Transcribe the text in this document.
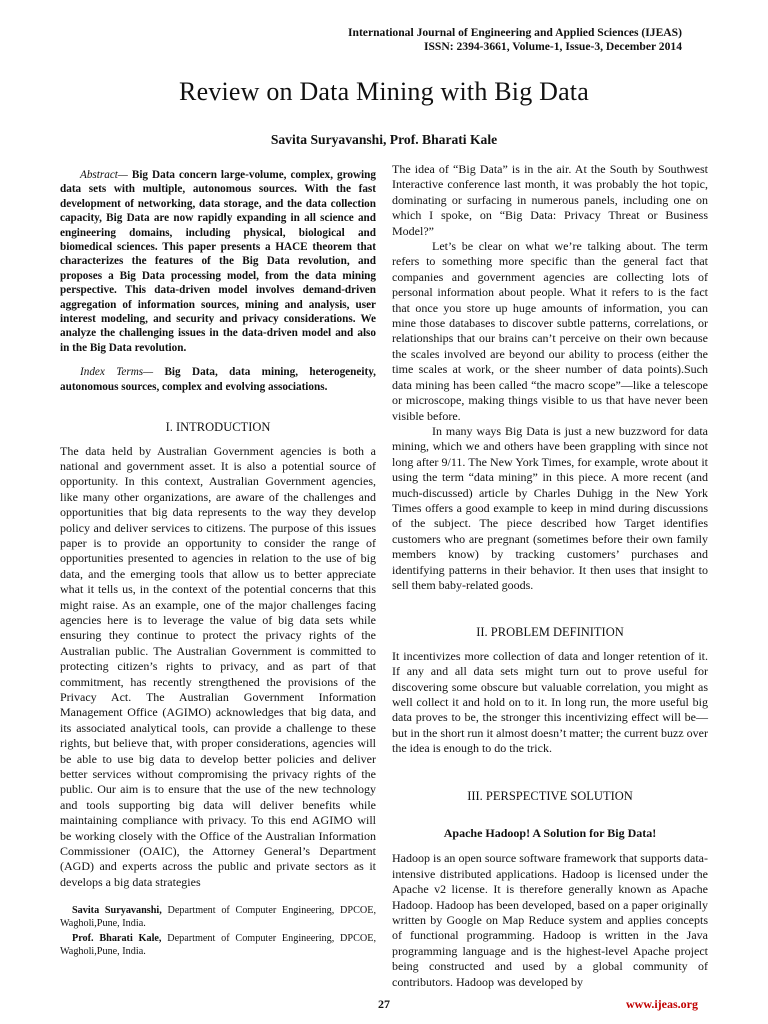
International Journal of Engineering and Applied Sciences (IJEAS)
ISSN: 2394-3661, Volume-1, Issue-3, December 2014
Review on Data Mining with Big Data
Savita Suryavanshi, Prof. Bharati Kale

Abstract— Big Data concern large-volume, complex, growing data sets with multiple, autonomous sources. With the fast development of networking, data storage, and the data collection capacity, Big Data are now rapidly expanding in all science and engineering domains, including physical, biological and biomedical sciences. This paper presents a HACE theorem that characterizes the features of the Big Data revolution, and proposes a Big Data processing model, from the data mining perspective. This data-driven model involves demand-driven aggregation of information sources, mining and analysis, user interest modeling, and security and privacy considerations. We analyze the challenging issues in the data-driven model and also in the Big Data revolution.

Index Terms— Big Data, data mining, heterogeneity, autonomous sources, complex and evolving associations.

I. INTRODUCTION

The data held by Australian Government agencies is both a national and government asset. It is also a potential source of opportunity. In this context, Australian Government agencies, like many other organizations, are aware of the challenges and opportunities that big data represents to the way they develop policy and deliver services to citizens. The purpose of this issues paper is to provide an opportunity to consider the range of opportunities presented to agencies in relation to the use of big data, and the emerging tools that allow us to better appreciate what it tells us, in the context of the potential concerns that this might raise. As an example, one of the major challenges facing agencies here is to leverage the value of big data sets while ensuring they continue to protect the privacy rights of the Australian public. The Australian Government is committed to protecting citizen’s rights to privacy, and as part of that commitment, has recently strengthened the provisions of the Privacy Act. The Australian Government Information Management Office (AGIMO) acknowledges that big data, and its associated analytical tools, can provide a challenge to these rights, but believe that, with proper considerations, agencies will be able to use big data to develop better policies and deliver better services without compromising the privacy rights of the public. Our aim is to ensure that the use of the new technology and tools supporting big data will deliver benefits while maintaining compliance with privacy. To this end AGIMO will be working closely with the Office of the Australian Information Commissioner (OAIC), the Attorney General’s Department (AGD) and experts across the public and private sectors as it develops a big data strategies

The idea of “Big Data” is in the air. At the South by Southwest Interactive conference last month, it was probably the hot topic, dominating or surfacing in numerous panels, including one on which I spoke, on “Big Data: Privacy Threat or Business Model?”

Let’s be clear on what we’re talking about. The term refers to something more specific than the general fact that companies and government agencies are collecting lots of personal information about people. What it refers to is the fact that once you store up huge amounts of information, you can mine those databases to discover subtle patterns, correlations, or relationships that our brains can’t perceive on their own because the scales involved are beyond our ability to process (either the time scales at work, or the sheer number of data points).Such data mining has been called “the macro scope”—like a telescope or microscope, making things visible to us that have never been visible before.

In many ways Big Data is just a new buzzword for data mining, which we and others have been grappling with since not long after 9/11. The New York Times, for example, wrote about it using the term “data mining” in this piece. A more recent (and much-discussed) article by Charles Duhigg in the New York Times offers a good example to keep in mind during discussions of the subject. The piece described how Target identifies customers who are pregnant (sometimes before their own family members know) by tracking customers’ purchases and identifying patterns in their behavior. It then uses that insight to sell them baby-related goods.

II. PROBLEM DEFINITION

It incentivizes more collection of data and longer retention of it. If any and all data sets might turn out to prove useful for discovering some obscure but valuable correlation, you might as well collect it and hold on to it. In long run, the more useful big data proves to be, the stronger this incentivizing effect will be—but in the short run it almost doesn’t matter; the current buzz over the idea is enough to do the trick.

III. PERSPECTIVE SOLUTION

Apache Hadoop! A Solution for Big Data!

Hadoop is an open source software framework that supports data-intensive distributed applications. Hadoop is licensed under the Apache v2 license. It is therefore generally known as Apache Hadoop. Hadoop has been developed, based on a paper originally written by Google on Map Reduce system and applies concepts of functional programming. Hadoop is written in the Java programming language and is the highest-level Apache project being constructed and used by a global community of contributors. Hadoop was developed by

Savita Suryavanshi, Department of Computer Engineering, DPCOE, Wagholi,Pune, India.

Prof. Bharati Kale, Department of Computer Engineering, DPCOE, Wagholi,Pune, India.

27	www.ijeas.org
